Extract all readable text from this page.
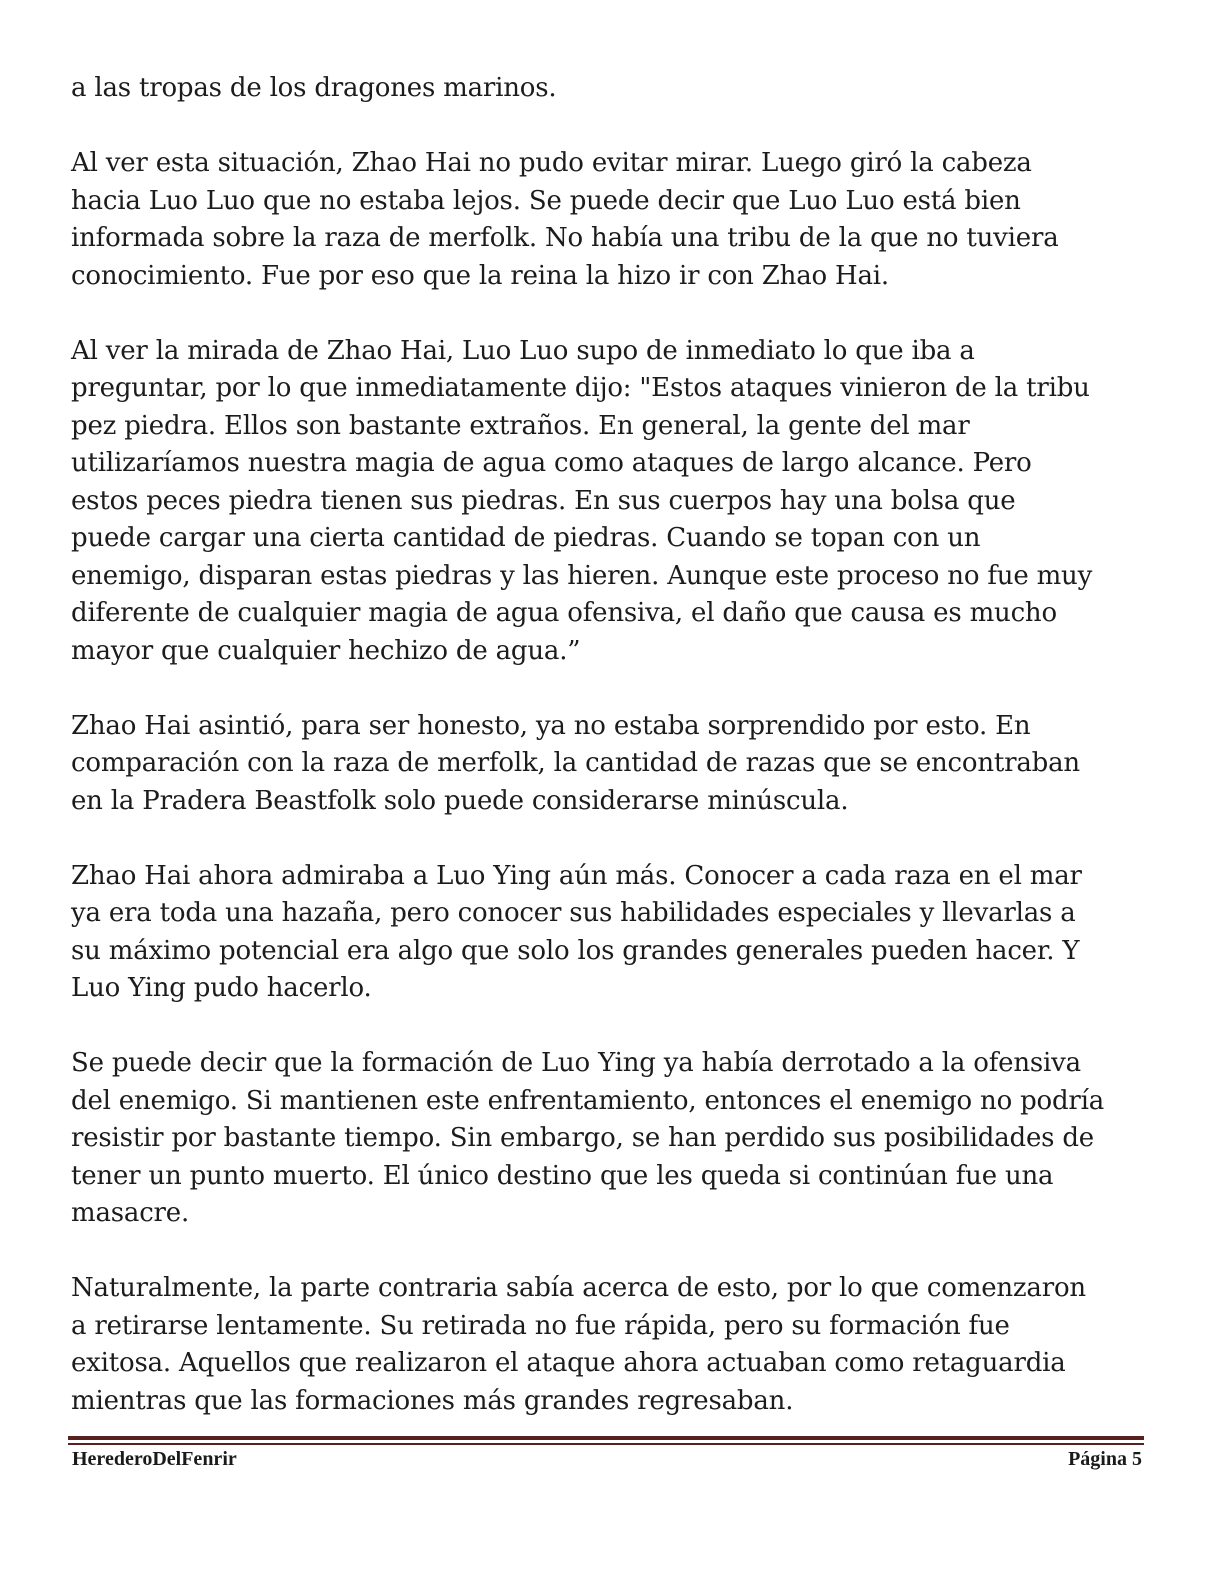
a las tropas de los dragones marinos.

Al ver esta situación, Zhao Hai no pudo evitar mirar. Luego giró la cabeza
hacia Luo Luo que no estaba lejos. Se puede decir que Luo Luo está bien
informada sobre la raza de merfolk. No había una tribu de la que no tuviera
conocimiento. Fue por eso que la reina la hizo ir con Zhao Hai.

Al ver la mirada de Zhao Hai, Luo Luo supo de inmediato lo que iba a
preguntar, por lo que inmediatamente dijo: "Estos ataques vinieron de la tribu
pez piedra. Ellos son bastante extraños. En general, la gente del mar
utilizaríamos nuestra magia de agua como ataques de largo alcance. Pero
estos peces piedra tienen sus piedras. En sus cuerpos hay una bolsa que
puede cargar una cierta cantidad de piedras. Cuando se topan con un
enemigo, disparan estas piedras y las hieren. Aunque este proceso no fue muy
diferente de cualquier magia de agua ofensiva, el daño que causa es mucho
mayor que cualquier hechizo de agua.”

Zhao Hai asintió, para ser honesto, ya no estaba sorprendido por esto. En
comparación con la raza de merfolk, la cantidad de razas que se encontraban
en la Pradera Beastfolk solo puede considerarse minúscula.

Zhao Hai ahora admiraba a Luo Ying aún más. Conocer a cada raza en el mar
ya era toda una hazaña, pero conocer sus habilidades especiales y llevarlas a
su máximo potencial era algo que solo los grandes generales pueden hacer. Y
Luo Ying pudo hacerlo.

Se puede decir que la formación de Luo Ying ya había derrotado a la ofensiva
del enemigo. Si mantienen este enfrentamiento, entonces el enemigo no podría
resistir por bastante tiempo. Sin embargo, se han perdido sus posibilidades de
tener un punto muerto. El único destino que les queda si continúan fue una
masacre.

Naturalmente, la parte contraria sabía acerca de esto, por lo que comenzaron
a retirarse lentamente. Su retirada no fue rápida, pero su formación fue
exitosa. Aquellos que realizaron el ataque ahora actuaban como retaguardia
mientras que las formaciones más grandes regresaban.

HerederoDelFenrir	Página 5
